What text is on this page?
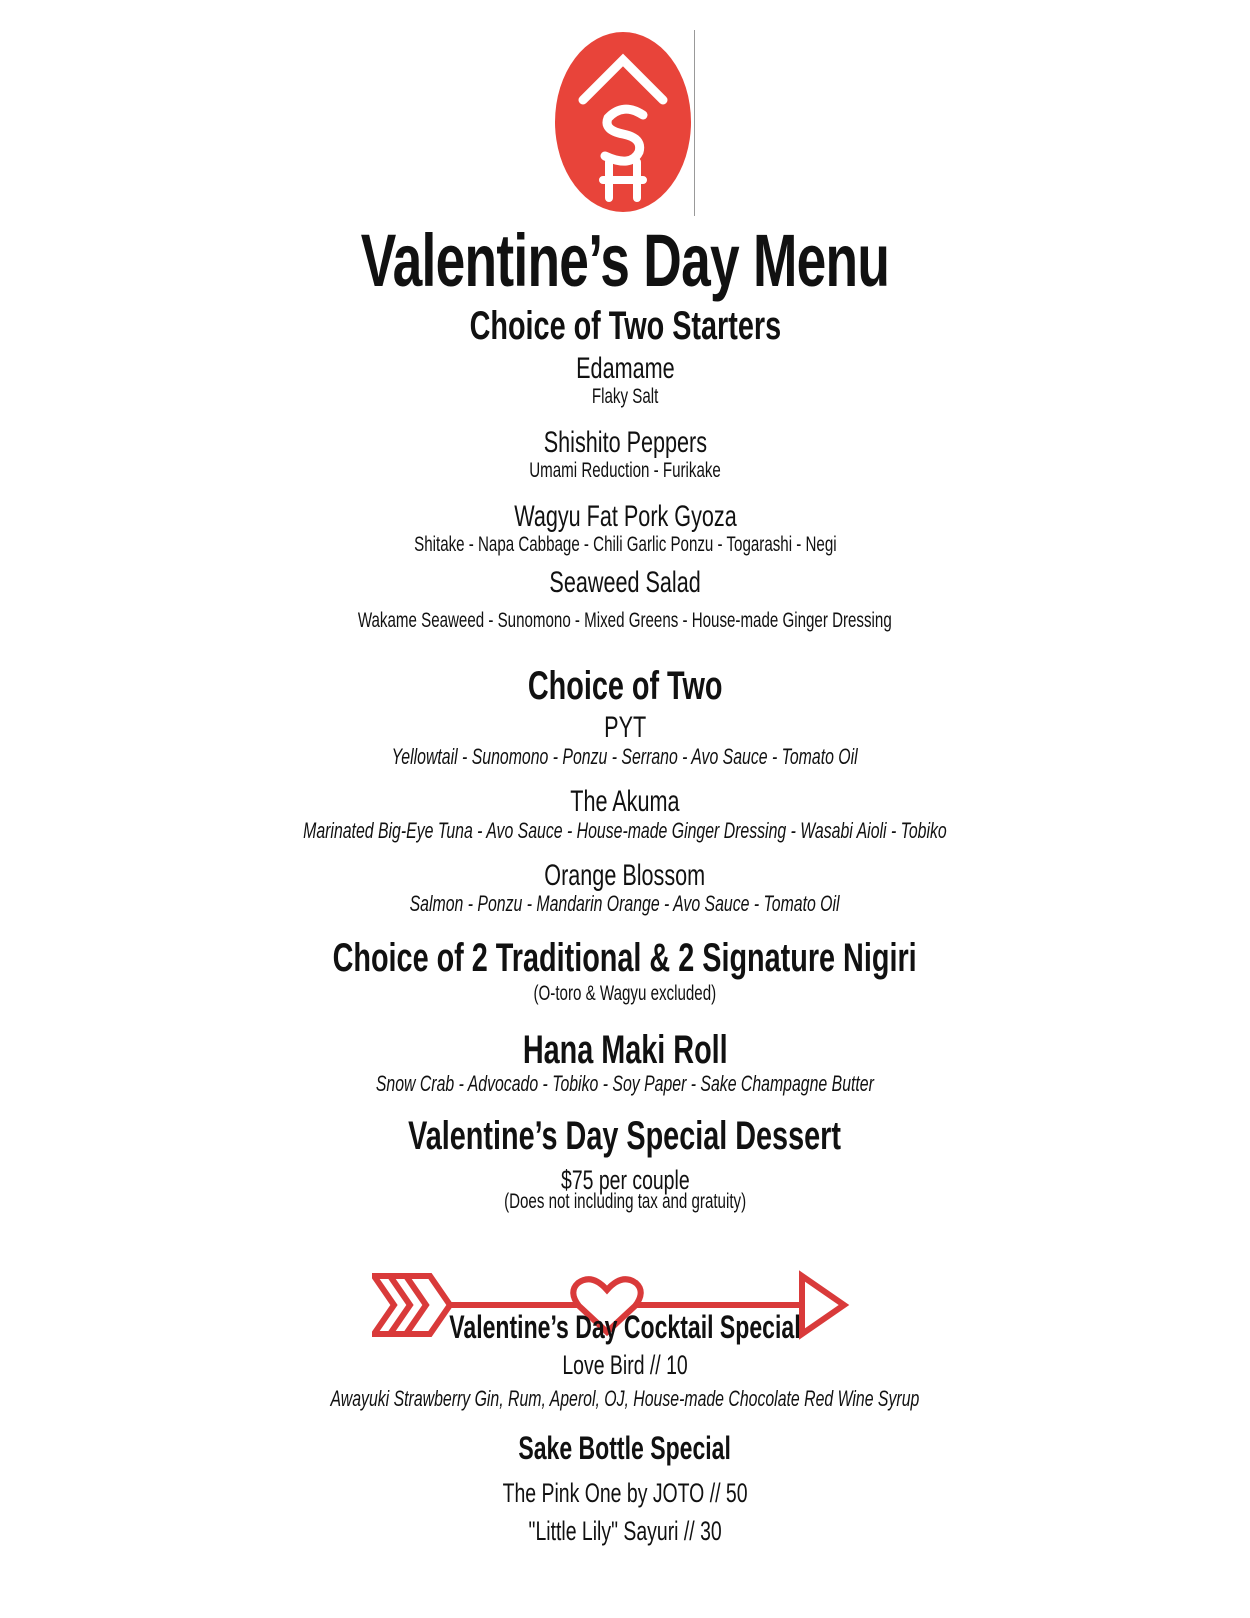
Valentine’s Day Menu
Choice of Two Starters
Edamame
Flaky Salt
Shishito Peppers
Umami Reduction - Furikake
Wagyu Fat Pork Gyoza
Shitake - Napa Cabbage - Chili Garlic Ponzu - Togarashi - Negi
Seaweed Salad
Wakame Seaweed - Sunomono - Mixed Greens - House-made Ginger Dressing
Choice of Two
PYT
Yellowtail - Sunomono - Ponzu - Serrano - Avo Sauce - Tomato Oil
The Akuma
Marinated Big-Eye Tuna - Avo Sauce - House-made Ginger Dressing - Wasabi Aioli - Tobiko
Orange Blossom
Salmon - Ponzu - Mandarin Orange - Avo Sauce - Tomato Oil
Choice of 2 Traditional & 2 Signature Nigiri
(O-toro & Wagyu excluded)
Hana Maki Roll
Snow Crab - Advocado - Tobiko - Soy Paper - Sake Champagne Butter
Valentine’s Day Special Dessert
$75 per couple
(Does not including tax and gratuity)
Valentine’s Day Cocktail Special
Love Bird // 10
Awayuki Strawberry Gin, Rum, Aperol, OJ, House-made Chocolate Red Wine Syrup
Sake Bottle Special
The Pink One by JOTO // 50
"Little Lily" Sayuri // 30
